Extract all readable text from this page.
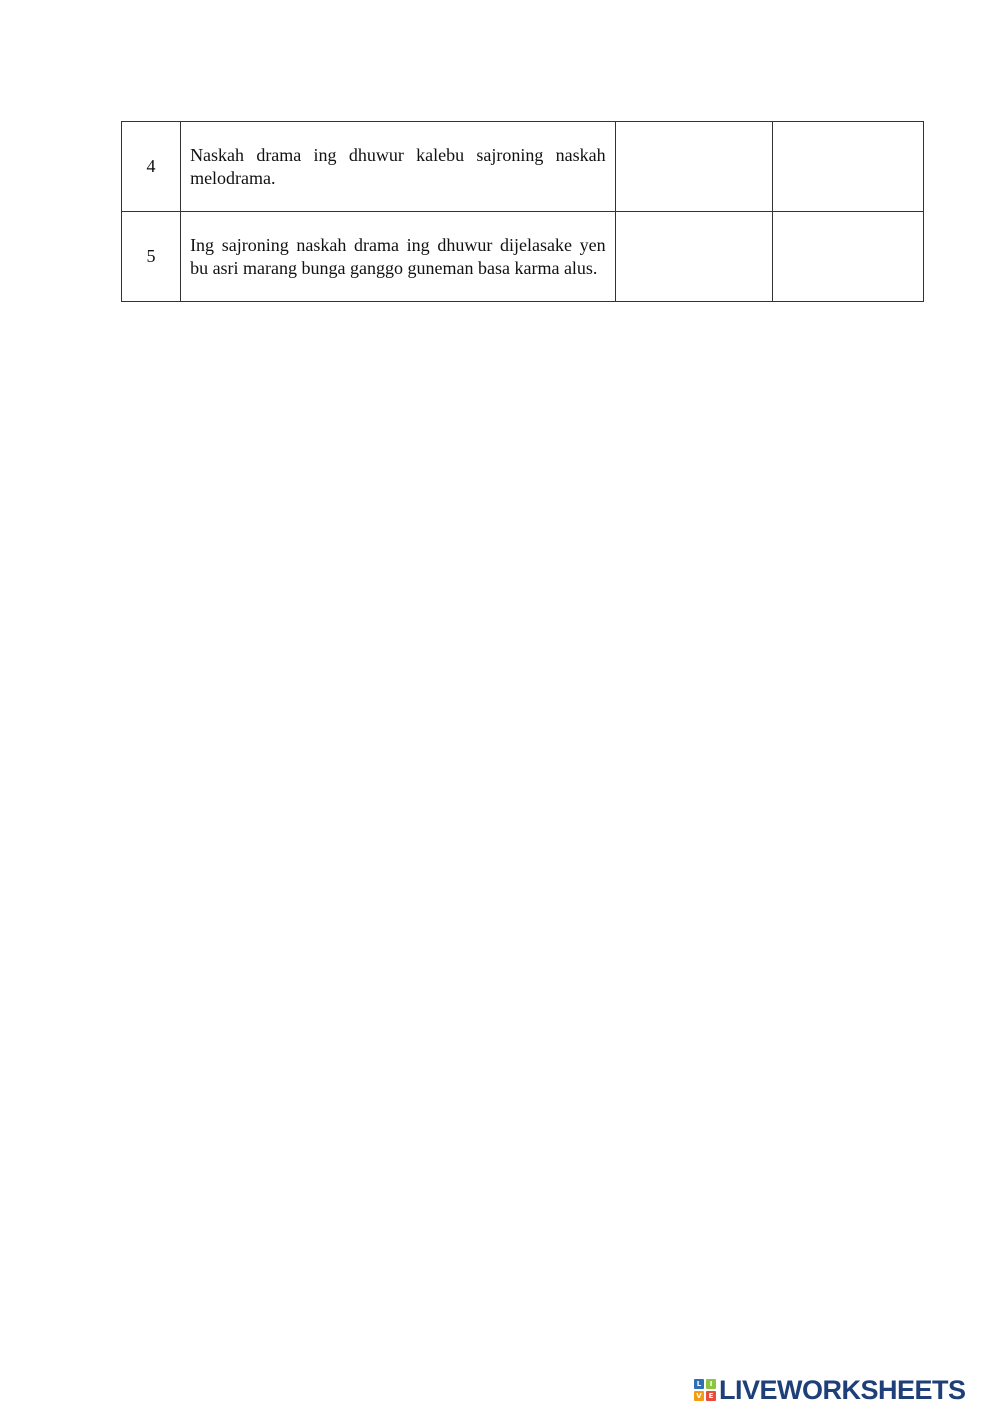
4	Naskah drama ing dhuwur kalebu sajroning naskah melodrama.		
5	Ing sajroning naskah drama ing dhuwur dijelasake yen bu asri marang bunga ganggo guneman basa karma alus.		
L	I
V E LIVEWORKSHEETS
